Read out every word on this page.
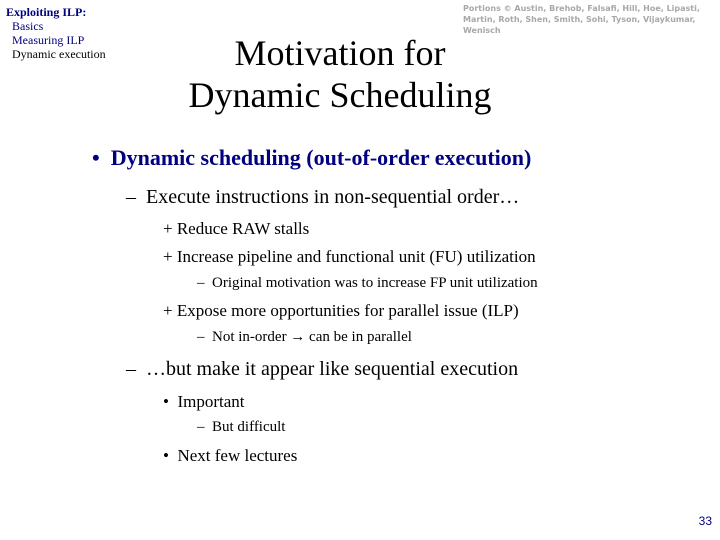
Exploiting ILP:
Basics
Measuring ILP
Dynamic execution
Portions © Austin, Brehob, Falsafi, Hill, Hoe, Lipasti, Martin, Roth, Shen, Smith, Sohi, Tyson, Vijaykumar, Wenisch
Motivation for
Dynamic Scheduling
• Dynamic scheduling (out-of-order execution)
– Execute instructions in non-sequential order…
+ Reduce RAW stalls
+ Increase pipeline and functional unit (FU) utilization
– Original motivation was to increase FP unit utilization
+ Expose more opportunities for parallel issue (ILP)
– Not in-order → can be in parallel
– …but make it appear like sequential execution
• Important
– But difficult
• Next few lectures
33
